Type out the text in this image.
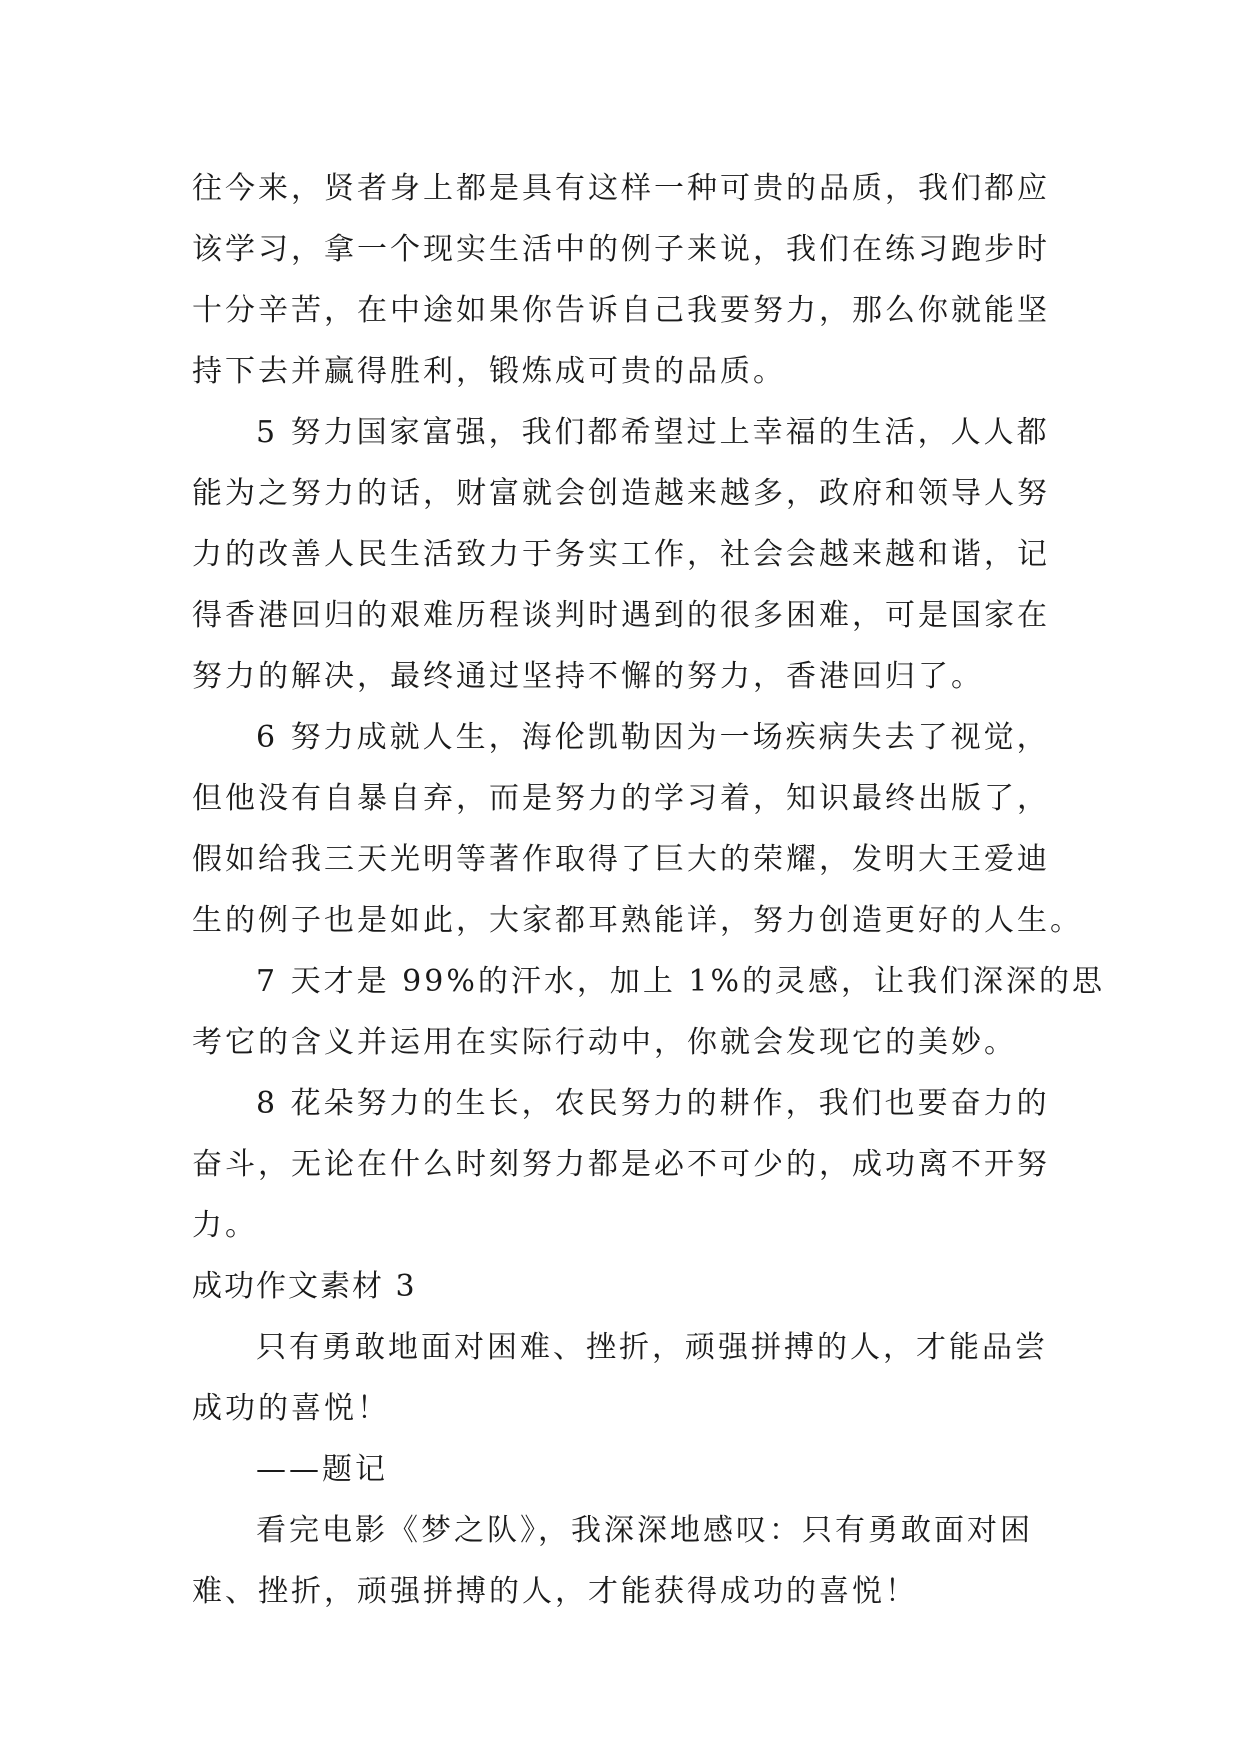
往今来，贤者身上都是具有这样一种可贵的品质，我们都应
该学习，拿一个现实生活中的例子来说，我们在练习跑步时
十分辛苦，在中途如果你告诉自己我要努力，那么你就能坚
持下去并赢得胜利，锻炼成可贵的品质。
5 努力国家富强，我们都希望过上幸福的生活，人人都
能为之努力的话，财富就会创造越来越多，政府和领导人努
力的改善人民生活致力于务实工作，社会会越来越和谐，记
得香港回归的艰难历程谈判时遇到的很多困难，可是国家在
努力的解决，最终通过坚持不懈的努力，香港回归了。
6 努力成就人生，海伦凯勒因为一场疾病失去了视觉，
但他没有自暴自弃，而是努力的学习着，知识最终出版了，
假如给我三天光明等著作取得了巨大的荣耀，发明大王爱迪
生的例子也是如此，大家都耳熟能详，努力创造更好的人生。
7 天才是 99%的汗水，加上 1%的灵感，让我们深深的思
考它的含义并运用在实际行动中，你就会发现它的美妙。
8 花朵努力的生长，农民努力的耕作，我们也要奋力的
奋斗，无论在什么时刻努力都是必不可少的，成功离不开努
力。
成功作文素材 3
只有勇敢地面对困难、挫折，顽强拼搏的人，才能品尝
成功的喜悦！
——题记
看完电影《梦之队》，我深深地感叹：只有勇敢面对困
难、挫折，顽强拼搏的人，才能获得成功的喜悦！
